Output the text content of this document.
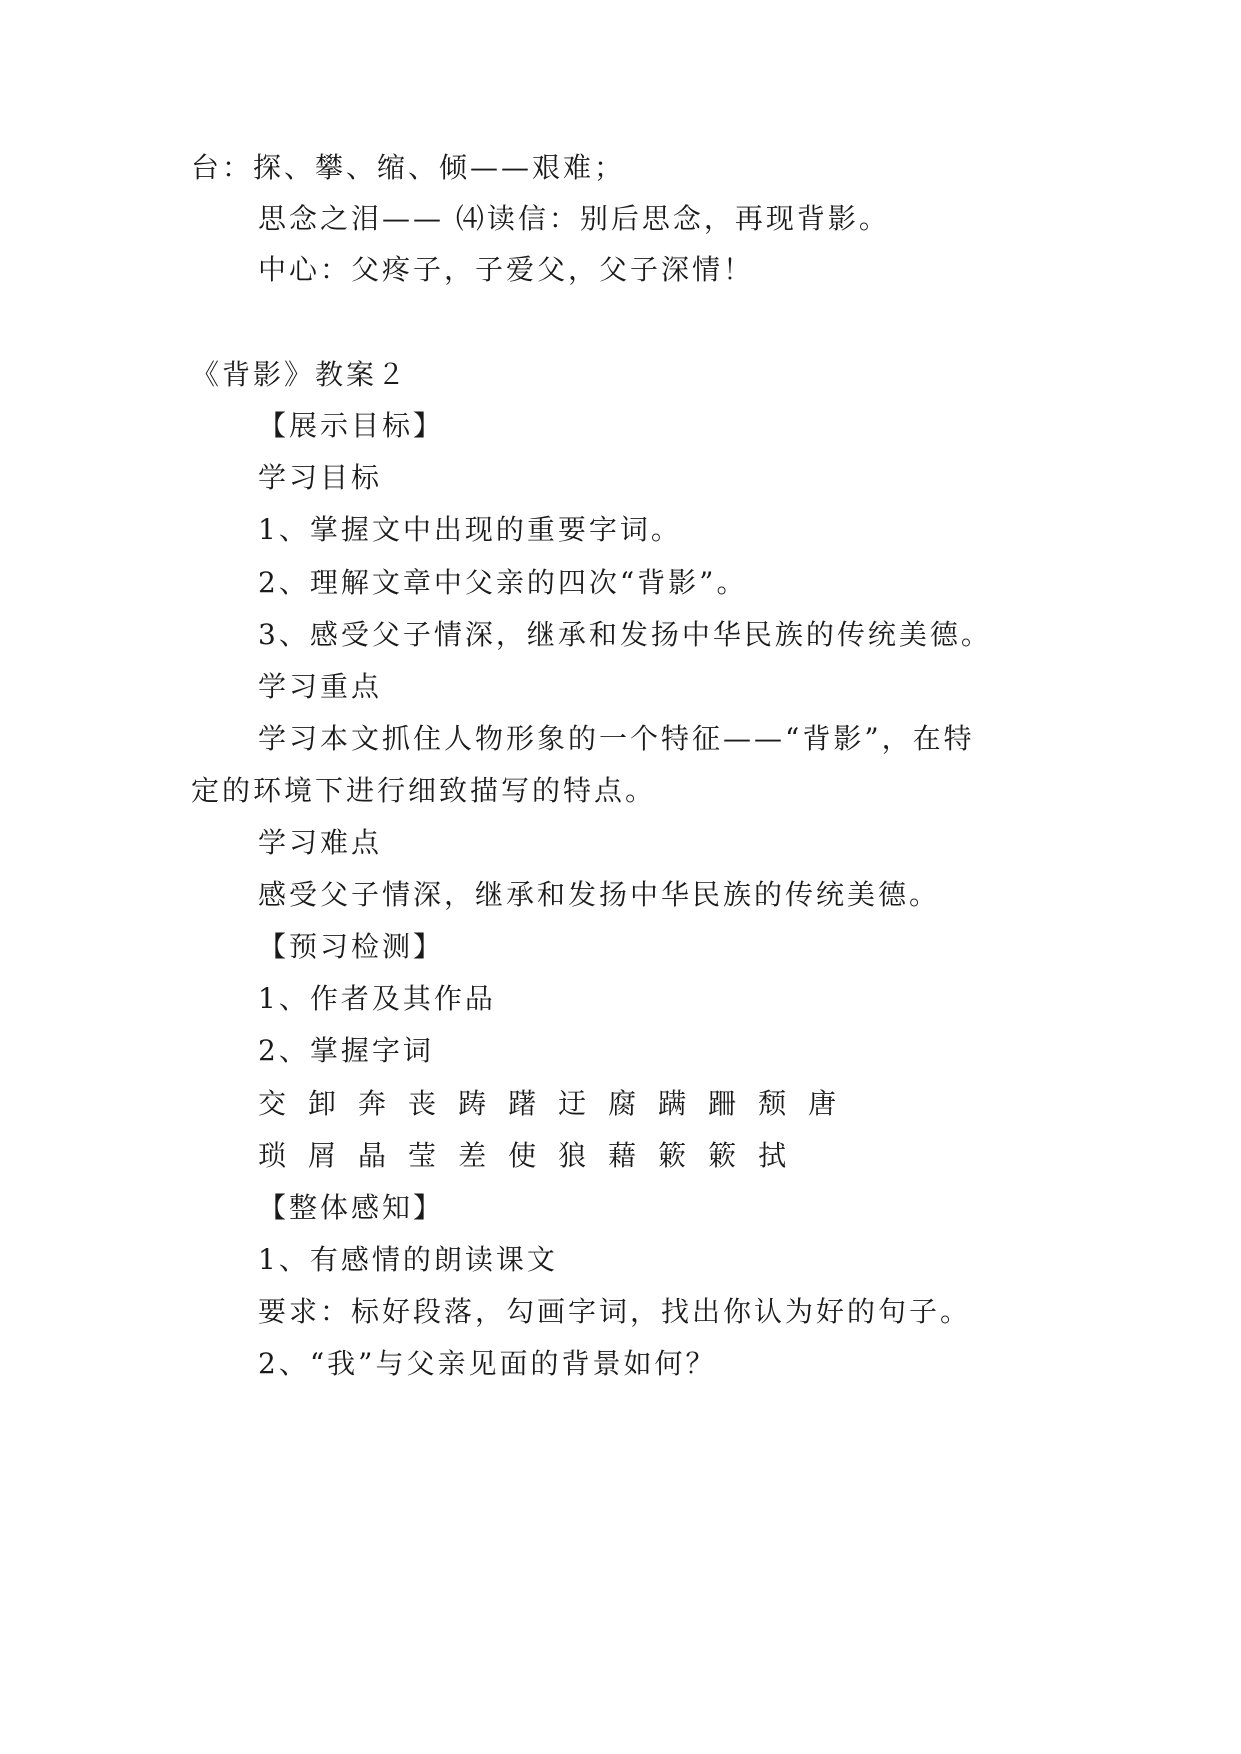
台：探、攀、缩、倾——艰难；
思念之泪—— ⑷读信：别后思念，再现背影。
中心：父疼子，子爱父，父子深情！
《背影》教案２
【展示目标】
学习目标
1、掌握文中出现的重要字词。
2、理解文章中父亲的四次“背影”。
3、感受父子情深，继承和发扬中华民族的传统美德。
学习重点
学习本文抓住人物形象的一个特征——“背影”，在特
定的环境下进行细致描写的特点。
学习难点
感受父子情深，继承和发扬中华民族的传统美德。
【预习检测】
1、作者及其作品
2、掌握字词
交 卸 奔 丧 踌 躇 迂 腐 蹒 跚 颓 唐
琐 屑 晶 莹 差 使 狼 藉 簌 簌 拭
【整体感知】
1、有感情的朗读课文
要求：标好段落，勾画字词，找出你认为好的句子。
2、“我”与父亲见面的背景如何？
